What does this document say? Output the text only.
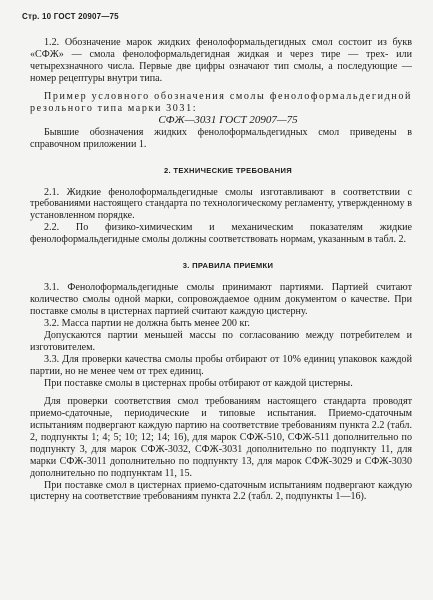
Стр. 10 ГОСТ 20907—75

1.2. Обозначение марок жидких фенолоформальдегидных смол состоит из букв «СФЖ» — смола фенолоформальдегидная жидкая и через тире — трех- или четырехзначного числа. Первые две цифры означают тип смолы, а последующие — номер рецептуры внутри типа.

Пример условного обозначения смолы фенолоформальдегидной резольного типа марки 3031:

СФЖ—3031 ГОСТ 20907—75

Бывшие обозначения жидких фенолоформальдегидных смол приведены в справочном приложении 1.

2. ТЕХНИЧЕСКИЕ ТРЕБОВАНИЯ

2.1. Жидкие фенолоформальдегидные смолы изготавливают в соответствии с требованиями настоящего стандарта по технологическому регламенту, утвержденному в установленном порядке.

2.2. По физико-химическим и механическим показателям жидкие фенолоформальдегидные смолы должны соответствовать нормам, указанным в табл. 2.

3. ПРАВИЛА ПРИЕМКИ

3.1. Фенолоформальдегидные смолы принимают партиями. Партией считают количество смолы одной марки, сопровождаемое одним документом о качестве. При поставке смолы в цистернах партией считают каждую цистерну.

3.2. Масса партии не должна быть менее 200 кг.

Допускаются партии меньшей массы по согласованию между потребителем и изготовителем.

3.3. Для проверки качества смолы пробы отбирают от 10% единиц упаковок каждой партии, но не менее чем от трех единиц.

При поставке смолы в цистернах пробы отбирают от каждой цистерны.

Для проверки соответствия смол требованиям настоящего стандарта проводят приемо-сдаточные, периодические и типовые испытания. Приемо-сдаточным испытаниям подвергают каждую партию на соответствие требованиям пункта 2.2 (табл. 2, подпункты 1; 4; 5; 10; 12; 14; 16), для марок СФЖ-510, СФЖ-511 дополнительно по подпункту 3, для марок СФЖ-3032, СФЖ-3031 дополнительно по подпункту 11, для марки СФЖ-3011 дополнительно по подпункту 13, для марок СФЖ-3029 и СФЖ-3030 дополнительно по подпунктам 11, 15.

При поставке смол в цистернах приемо-сдаточным испытаниям подвергают каждую цистерну на соответствие требованиям пункта 2.2 (табл. 2, подпункты 1—16).
